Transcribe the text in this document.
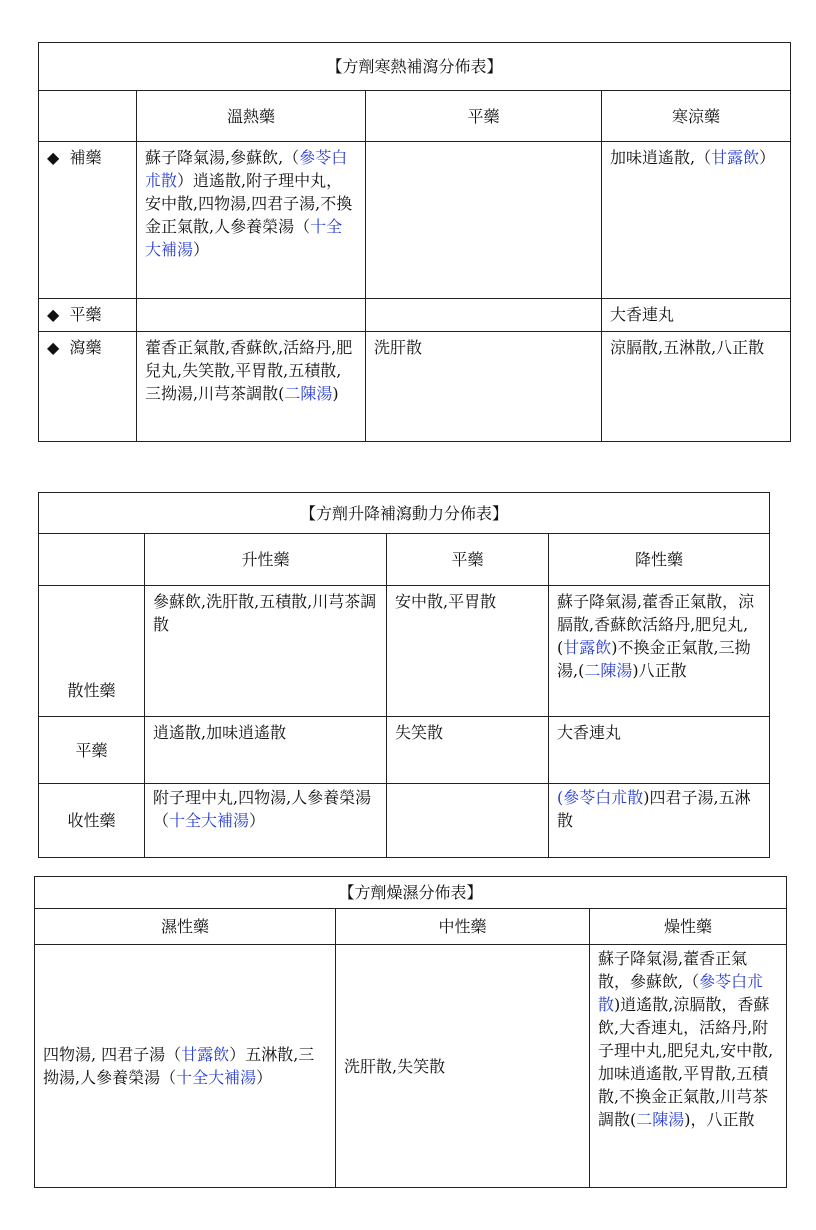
【方劑寒熱補瀉分佈表】			
	溫熱藥	平藥	寒涼藥
◆ 補藥	蘇子降氣湯,參蘇飲,（參苓白朮散）逍遙散,附子理中丸，安中散,四物湯,四君子湯,不換金正氣散,人參養榮湯（十全大補湯）		加味逍遙散,（甘露飲）
◆ 平藥			大香連丸
◆ 瀉藥	藿香正氣散,香蘇飲,活絡丹,肥兒丸,失笑散,平胃散,五積散,三拗湯,川芎茶調散(二陳湯)	洗肝散	涼膈散,五淋散,八正散
【方劑升降補瀉動力分佈表】			
	升性藥	平藥	降性藥
散性藥	參蘇飲,洗肝散,五積散,川芎茶調散	安中散,平胃散	蘇子降氣湯,藿香正氣散，涼膈散,香蘇飲活絡丹,肥兒丸,(甘露飲)不換金正氣散,三拗湯,(二陳湯)八正散
平藥	逍遙散,加味逍遙散	失笑散	大香連丸
收性藥	附子理中丸,四物湯,人參養榮湯（十全大補湯）		(參苓白朮散)四君子湯,五淋散
【方劑燥濕分佈表】		
濕性藥	中性藥	燥性藥
四物湯, 四君子湯（甘露飲）五淋散,三拗湯,人參養榮湯（十全大補湯）	洗肝散,失笑散	蘇子降氣湯,藿香正氣散，參蘇飲,（參苓白朮散)逍遙散,涼膈散，香蘇飲,大香連丸，活絡丹,附子理中丸,肥兒丸,安中散,加味逍遙散,平胃散,五積散,不換金正氣散,川芎茶調散(二陳湯)，八正散
